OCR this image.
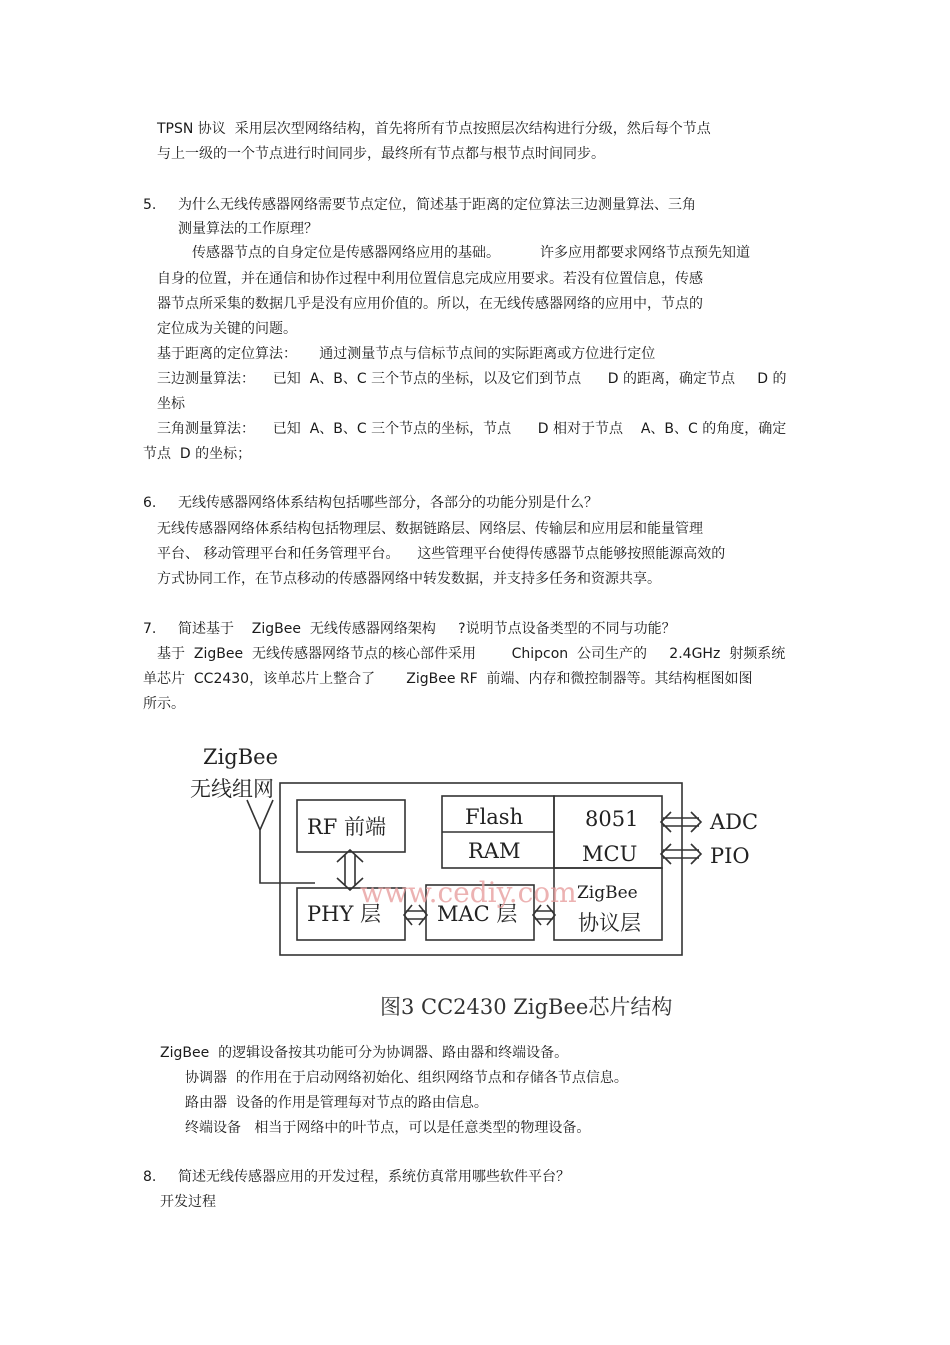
TPSN 协议  采用层次型网络结构，首先将所有节点按照层次结构进行分级，然后每个节点
与上一级的一个节点进行时间同步，最终所有节点都与根节点时间同步。
5. 为什么无线传感器网络需要节点定位，简述基于距离的定位算法三边测量算法、三角
测量算法的工作原理？
传感器节点的自身定位是传感器网络应用的基础。         许多应用都要求网络节点预先知道
自身的位置，并在通信和协作过程中利用位置信息完成应用要求。若没有位置信息，传感
器节点所采集的数据几乎是没有应用价值的。所以，在无线传感器网络的应用中，节点的
定位成为关键的问题。
基于距离的定位算法：     通过测量节点与信标节点间的实际距离或方位进行定位
三边测量算法：    已知  A、B、C 三个节点的坐标，以及它们到节点      D 的距离，确定节点     D 的
坐标
三角测量算法：    已知  A、B、C 三个节点的坐标，节点      D 相对于节点    A、B、C 的角度，确定
节点  D 的坐标；
6. 无线传感器网络体系结构包括哪些部分，各部分的功能分别是什么？
无线传感器网络体系结构包括物理层、数据链路层、网络层、传输层和应用层和能量管理
平台、 移动管理平台和任务管理平台。    这些管理平台使得传感器节点能够按照能源高效的
方式协同工作，在节点移动的传感器网络中转发数据，并支持多任务和资源共享。
7. 简述基于    ZigBee  无线传感器网络架构     ?说明节点设备类型的不同与功能？
基于  ZigBee  无线传感器网络节点的核心部件采用        Chipcon  公司生产的     2.4GHz  射频系统
单芯片  CC2430，该单芯片上整合了       ZigBee RF  前端、内存和微控制器等。其结构框图如图
所示。
ZigBee
无线组网
RF 前端	Flash
RAM
8051
MCU
ADC
PIO
PHY 层	MAC 层
ZigBee
协议层
www.cediy.com
图3 CC2430 ZigBee芯片结构
ZigBee  的逻辑设备按其功能可分为协调器、路由器和终端设备。
协调器  的作用在于启动网络初始化、组织网络节点和存储各节点信息。
路由器  设备的作用是管理每对节点的路由信息。
终端设备   相当于网络中的叶节点，可以是任意类型的物理设备。
8. 简述无线传感器应用的开发过程，系统仿真常用哪些软件平台？
开发过程
